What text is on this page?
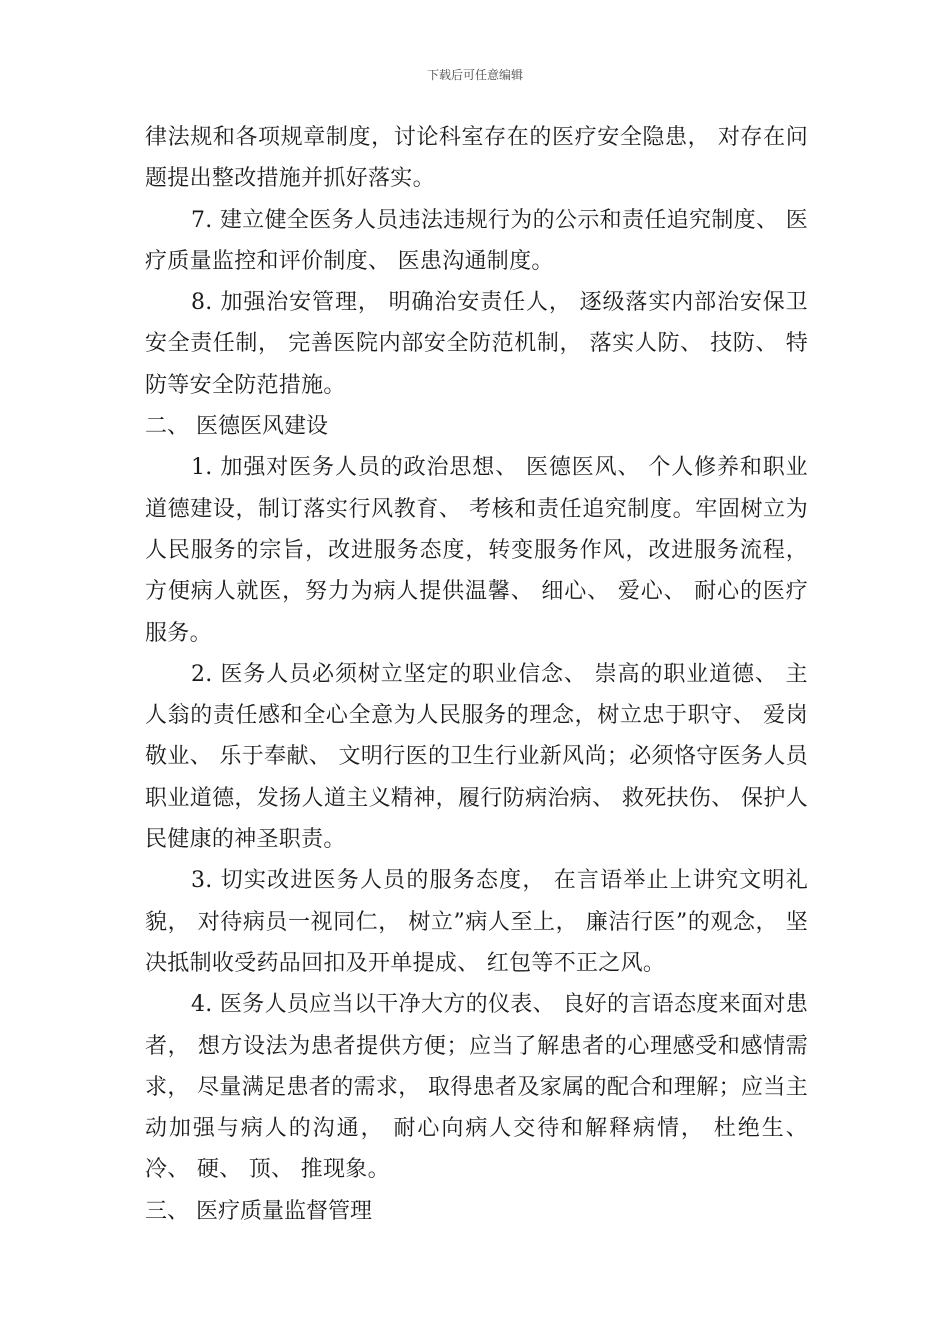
下载后可任意编辑

律法规和各项规章制度，讨论科室存在的医疗安全隐患， 对存在问题提出整改措施并抓好落实。

7. 建立健全医务人员违法违规行为的公示和责任追究制度、 医疗质量监控和评价制度、 医患沟通制度。

8. 加强治安管理， 明确治安责任人， 逐级落实内部治安保卫安全责任制， 完善医院内部安全防范机制， 落实人防、 技防、 特防等安全防范措施。

二、 医德医风建设

1. 加强对医务人员的政治思想、 医德医风、 个人修养和职业道德建设，制订落实行风教育、 考核和责任追究制度。牢固树立为人民服务的宗旨，改进服务态度，转变服务作风，改进服务流程，方便病人就医，努力为病人提供温馨、 细心、 爱心、 耐心的医疗服务。

2. 医务人员必须树立坚定的职业信念、 崇高的职业道德、 主人翁的责任感和全心全意为人民服务的理念，树立忠于职守、 爱岗敬业、 乐于奉献、 文明行医的卫生行业新风尚；必须恪守医务人员职业道德，发扬人道主义精神，履行防病治病、 救死扶伤、 保护人民健康的神圣职责。

3. 切实改进医务人员的服务态度， 在言语举止上讲究文明礼貌， 对待病员一视同仁， 树立”病人至上， 廉洁行医”的观念， 坚决抵制收受药品回扣及开单提成、 红包等不正之风。

4. 医务人员应当以干净大方的仪表、 良好的言语态度来面对患者， 想方设法为患者提供方便；应当了解患者的心理感受和感情需求， 尽量满足患者的需求， 取得患者及家属的配合和理解；应当主动加强与病人的沟通， 耐心向病人交待和解释病情， 杜绝生、 冷、 硬、 顶、 推现象。

三、 医疗质量监督管理
